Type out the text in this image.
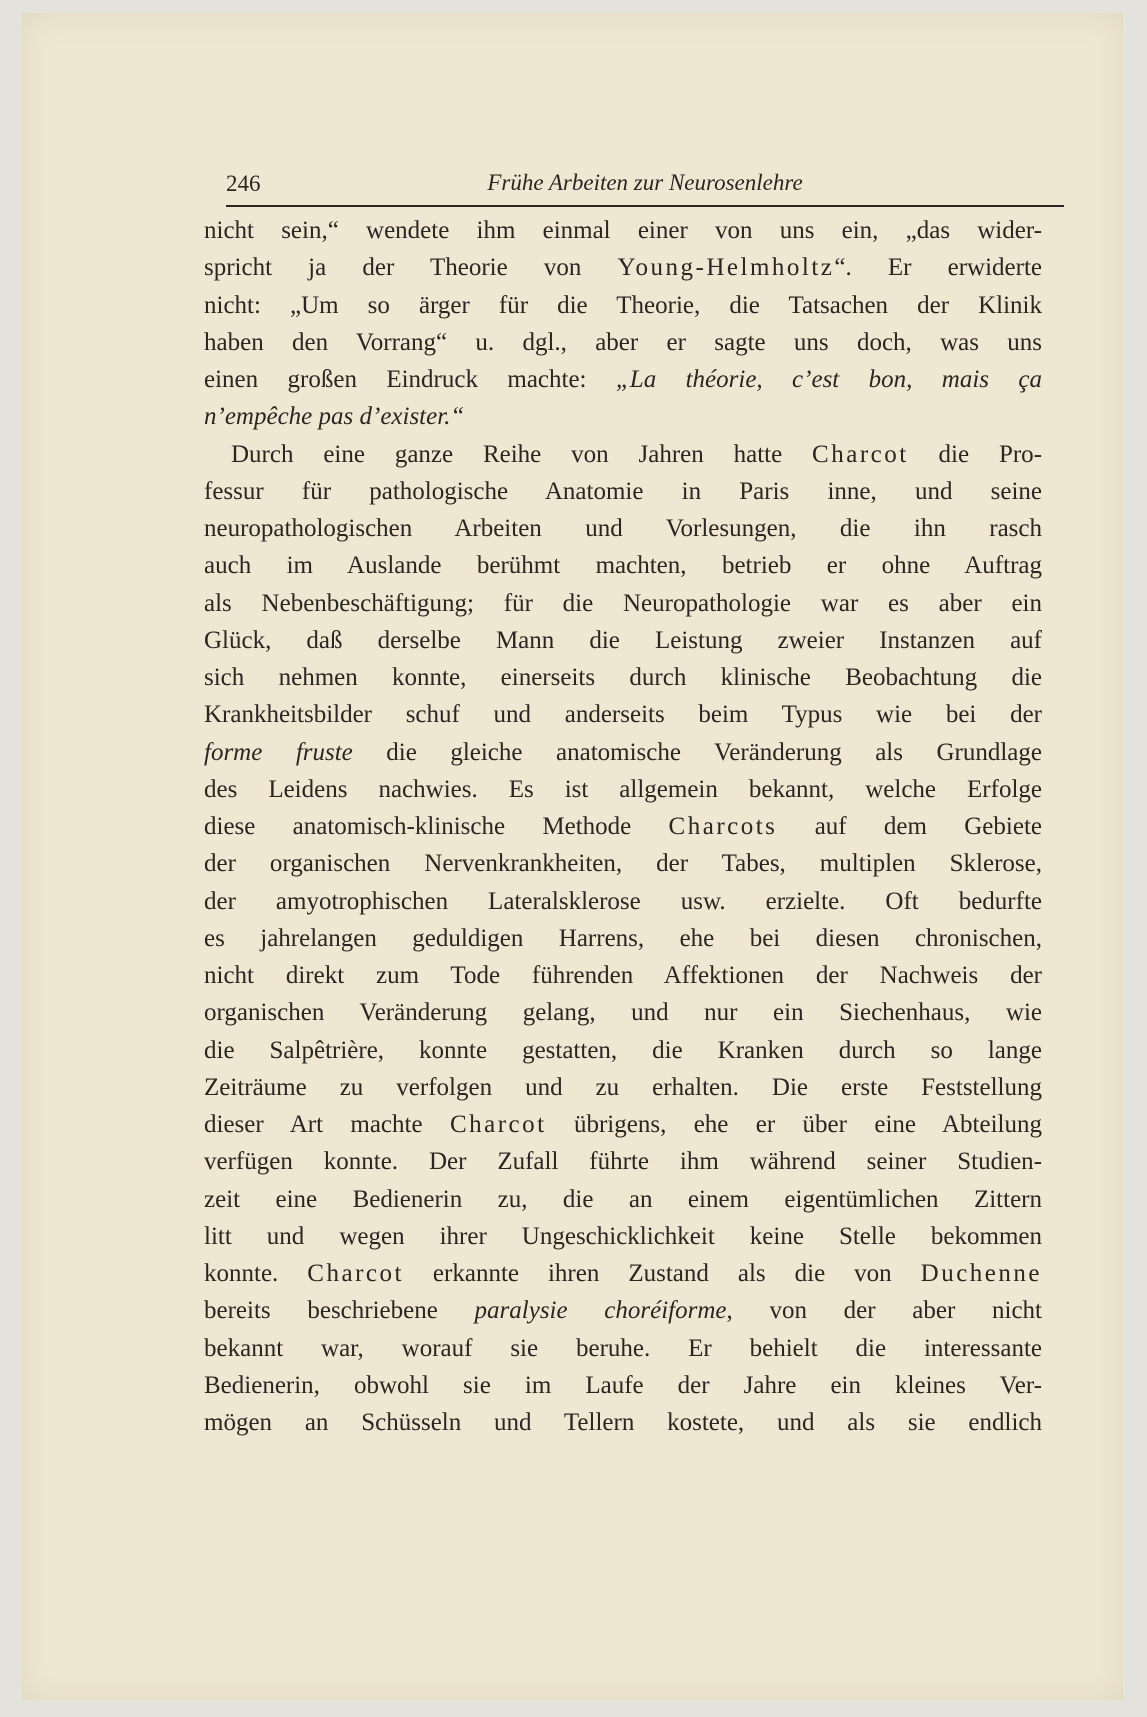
246	Frühe Arbeiten zur Neurosenlehre
nicht sein,“ wendete ihm einmal einer von uns ein, „das wider-
spricht ja der Theorie von Young-Helmholtz“. Er erwiderte
nicht: „Um so ärger für die Theorie, die Tatsachen der Klinik
haben den Vorrang“ u. dgl., aber er sagte uns doch, was uns
einen großen Eindruck machte: „La théorie, c’est bon, mais ça
n’empêche pas d’exister.“
Durch eine ganze Reihe von Jahren hatte Charcot die Pro-
fessur für pathologische Anatomie in Paris inne, und seine
neuropathologischen Arbeiten und Vorlesungen, die ihn rasch
auch im Auslande berühmt machten, betrieb er ohne Auftrag
als Nebenbeschäftigung; für die Neuropathologie war es aber ein
Glück, daß derselbe Mann die Leistung zweier Instanzen auf
sich nehmen konnte, einerseits durch klinische Beobachtung die
Krankheitsbilder schuf und anderseits beim Typus wie bei der
forme fruste die gleiche anatomische Veränderung als Grundlage
des Leidens nachwies. Es ist allgemein bekannt, welche Erfolge
diese anatomisch-klinische Methode Charcots auf dem Gebiete
der organischen Nervenkrankheiten, der Tabes, multiplen Sklerose,
der amyotrophischen Lateralsklerose usw. erzielte. Oft bedurfte
es jahrelangen geduldigen Harrens, ehe bei diesen chronischen,
nicht direkt zum Tode führenden Affektionen der Nachweis der
organischen Veränderung gelang, und nur ein Siechenhaus, wie
die Salpêtrière, konnte gestatten, die Kranken durch so lange
Zeiträume zu verfolgen und zu erhalten. Die erste Feststellung
dieser Art machte Charcot übrigens, ehe er über eine Abteilung
verfügen konnte. Der Zufall führte ihm während seiner Studien-
zeit eine Bedienerin zu, die an einem eigentümlichen Zittern
litt und wegen ihrer Ungeschicklichkeit keine Stelle bekommen
konnte. Charcot erkannte ihren Zustand als die von Duchenne
bereits beschriebene paralysie choréiforme, von der aber nicht
bekannt war, worauf sie beruhe. Er behielt die interessante
Bedienerin, obwohl sie im Laufe der Jahre ein kleines Ver-
mögen an Schüsseln und Tellern kostete, und als sie endlich
